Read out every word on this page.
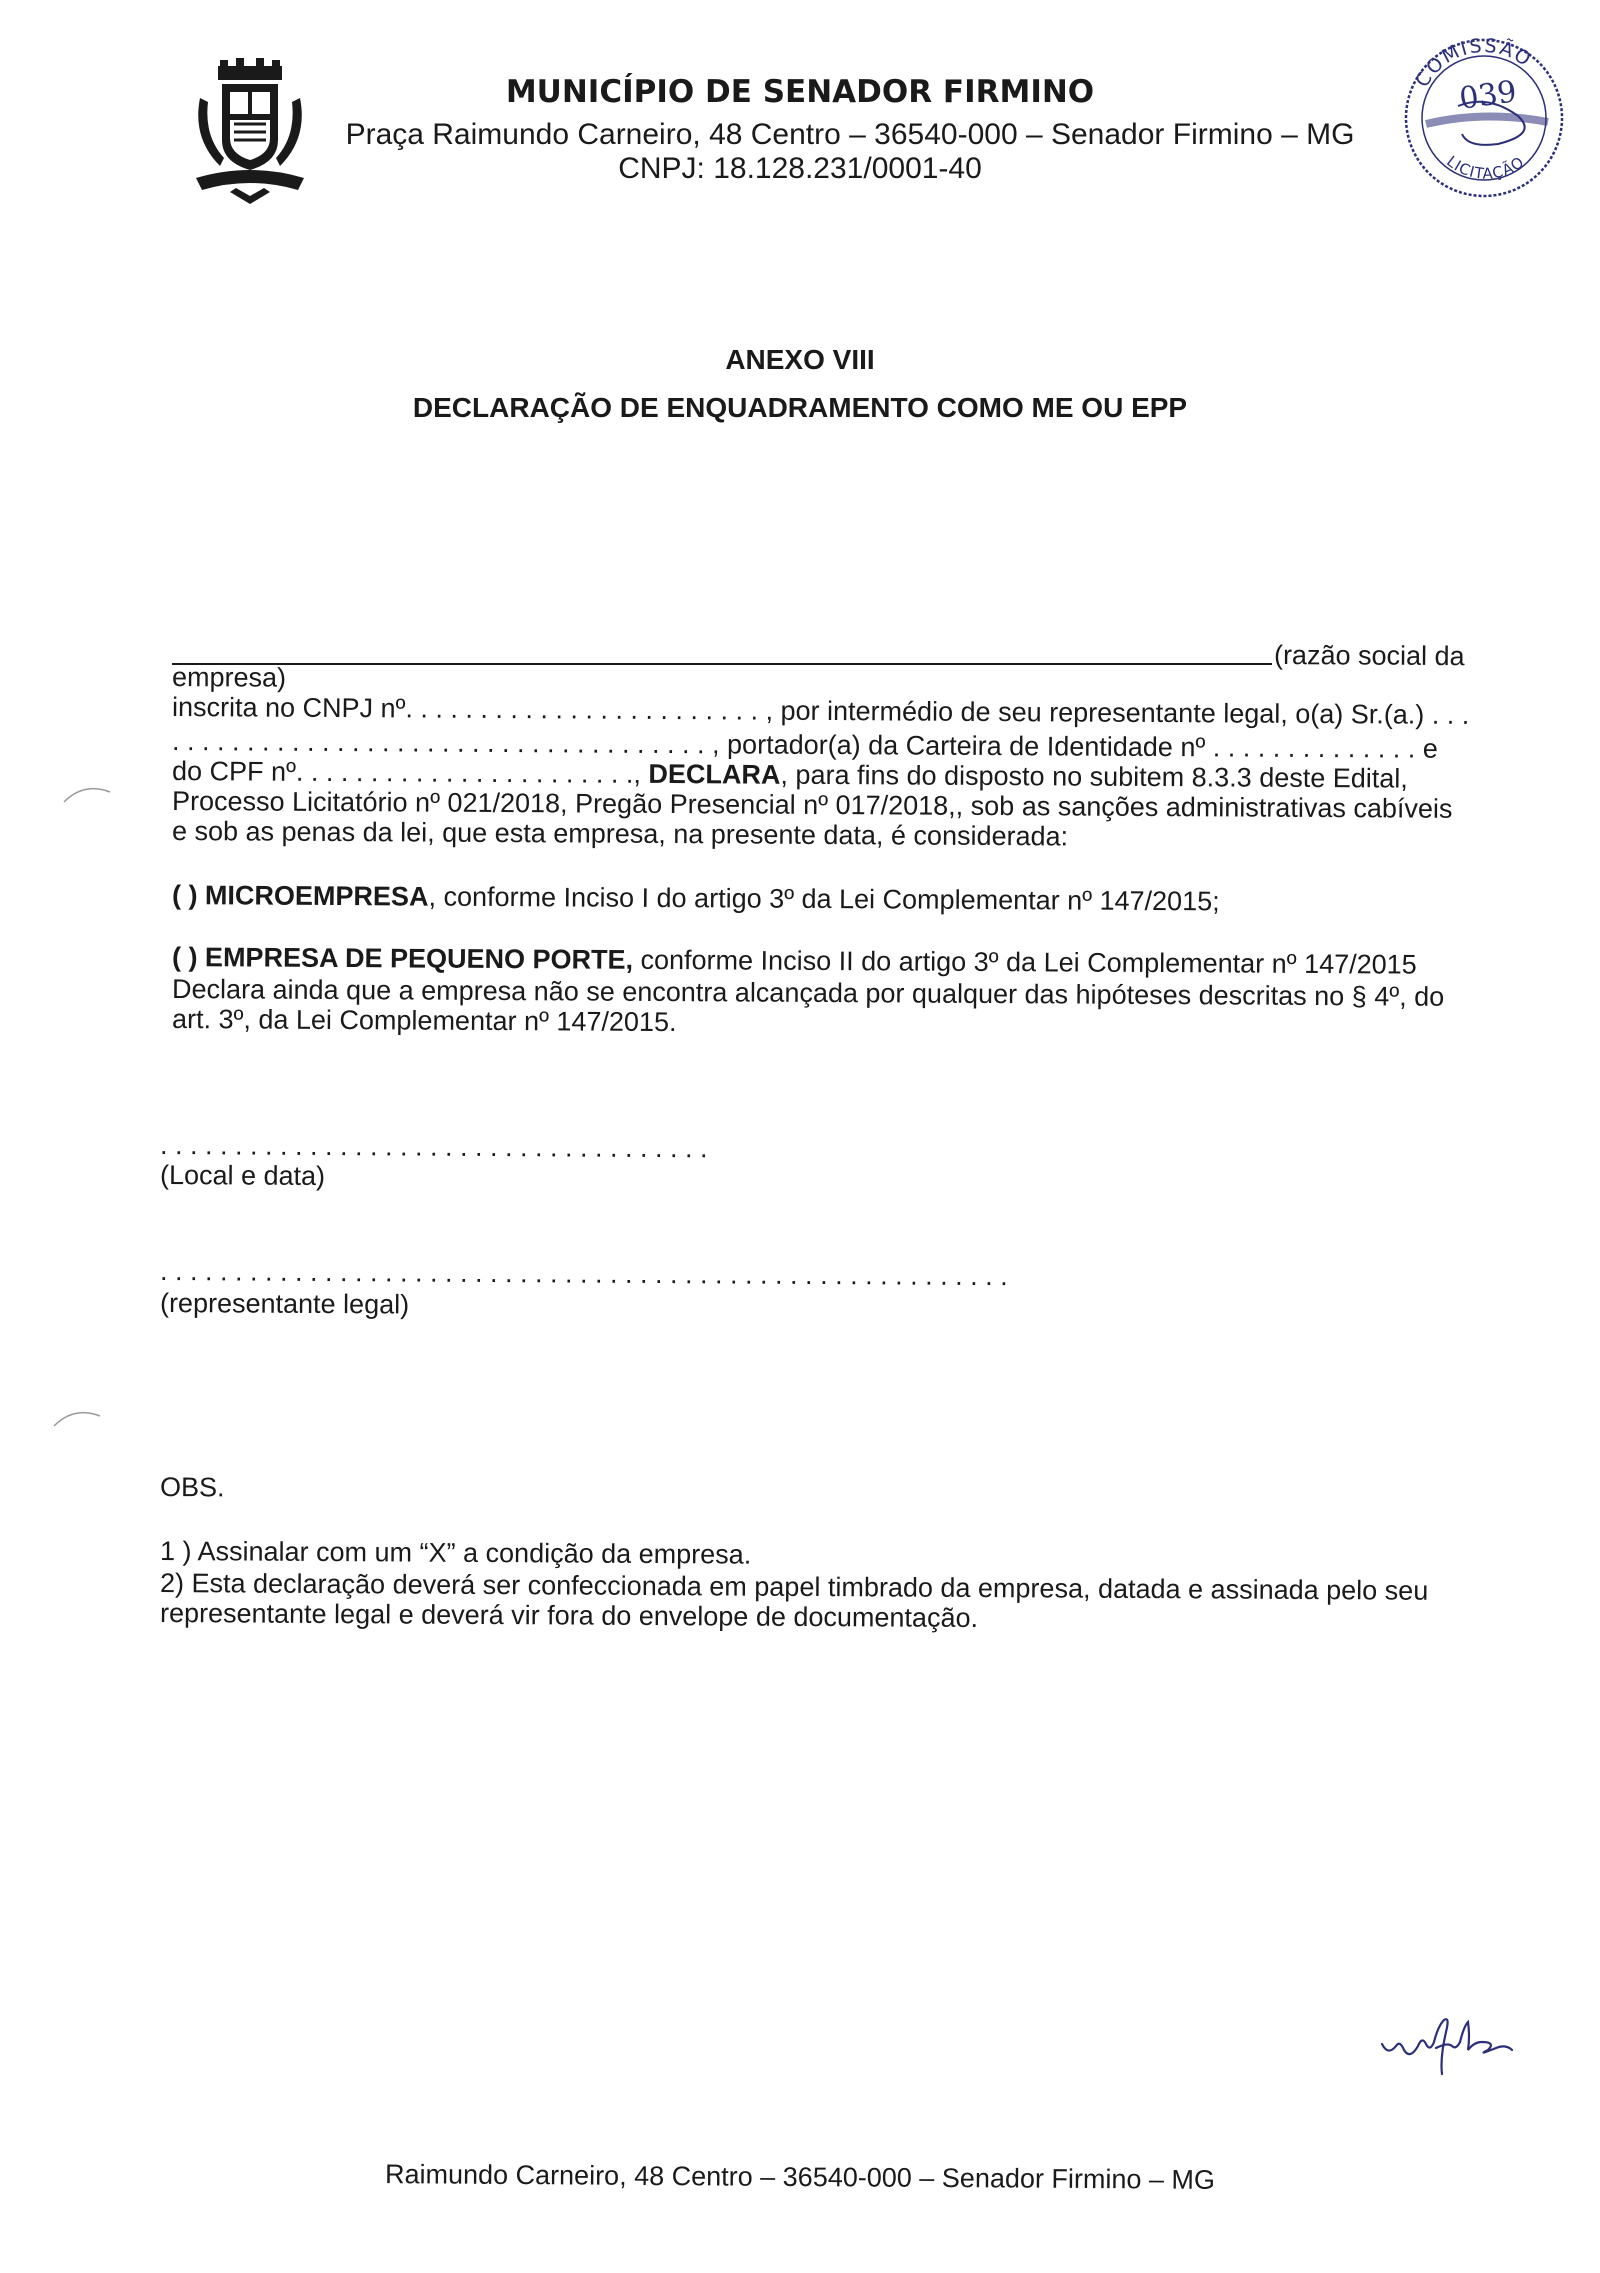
MUNICÍPIO DE SENADOR FIRMINO
Praça Raimundo Carneiro, 48 Centro – 36540-000 – Senador Firmino – MG
CNPJ: 18.128.231/0001-40
COMISSÃO
LICITAÇÃO
039
ANEXO VIII
DECLARAÇÃO DE ENQUADRAMENTO COMO ME OU EPP
(razão social da
empresa)
inscrita no CNPJ nº. . . . . . . . . . . . . . . . . . . . . . . . , por intermédio de seu representante legal, o(a) Sr.(a.) . . .
. . . . . . . . . . . . . . . . . . . . . . . . . . . . . . . . . . . . , portador(a) da Carteira de Identidade nº . . . . . . . . . . . . . . e
do CPF nº. . . . . . . . . . . . . . . . . . . . . . ., DECLARA, para fins do disposto no subitem 8.3.3 deste Edital,
Processo Licitatório nº 021/2018, Pregão Presencial nº 017/2018,, sob as sanções administrativas cabíveis
e sob as penas da lei, que esta empresa, na presente data, é considerada:
( ) MICROEMPRESA, conforme Inciso I do artigo 3º da Lei Complementar nº 147/2015;
( ) EMPRESA DE PEQUENO PORTE, conforme Inciso II do artigo 3º da Lei Complementar nº 147/2015
Declara ainda que a empresa não se encontra alcançada por qualquer das hipóteses descritas no § 4º, do
art. 3º, da Lei Complementar nº 147/2015.
. . . . . . . . . . . . . . . . . . . . . . . . . . . . . . . . . . . . .
(Local e data)
. . . . . . . . . . . . . . . . . . . . . . . . . . . . . . . . . . . . . . . . . . . . . . . . . . . . . . . . .
(representante legal)
OBS.
1 ) Assinalar com um “X” a condição da empresa.
2) Esta declaração deverá ser confeccionada em papel timbrado da empresa, datada e assinada pelo seu
representante legal e deverá vir fora do envelope de documentação.
Raimundo Carneiro, 48 Centro – 36540-000 – Senador Firmino – MG
